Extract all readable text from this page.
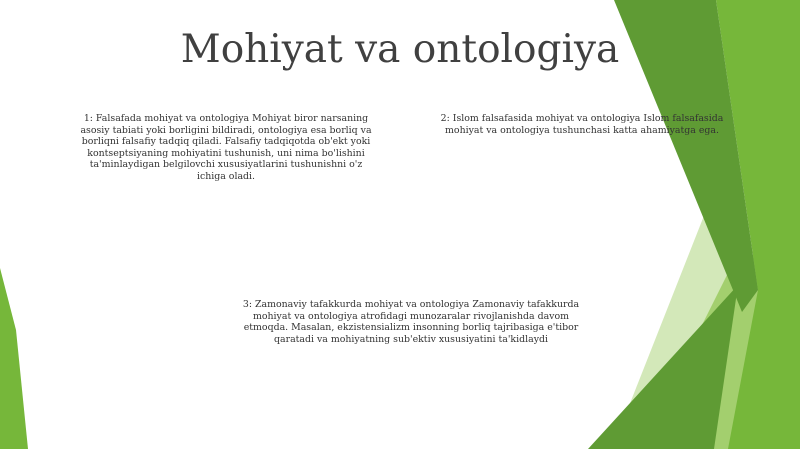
Mohiyat va ontologiya
1: Falsafada mohiyat va ontologiya Mohiyat biror narsaning asosiy tabiati yoki borligini bildiradi, ontologiya esa borliq va borliqni falsafiy tadqiq qiladi. Falsafiy tadqiqotda ob'ekt yoki kontseptsiyaning mohiyatini tushunish, uni nima bo'lishini ta'minlaydigan belgilovchi xususiyatlarini tushunishni o'z ichiga oladi.
2: Islom falsafasida mohiyat va ontologiya Islom falsafasida mohiyat va ontologiya tushunchasi katta ahamiyatga ega.
3: Zamonaviy tafakkurda mohiyat va ontologiya Zamonaviy tafakkurda mohiyat va ontologiya atrofidagi munozaralar rivojlanishda davom etmoqda. Masalan, ekzistensializm insonning borliq tajribasiga e'tibor qaratadi va mohiyatning sub'ektiv xususiyatini ta'kidlaydi
